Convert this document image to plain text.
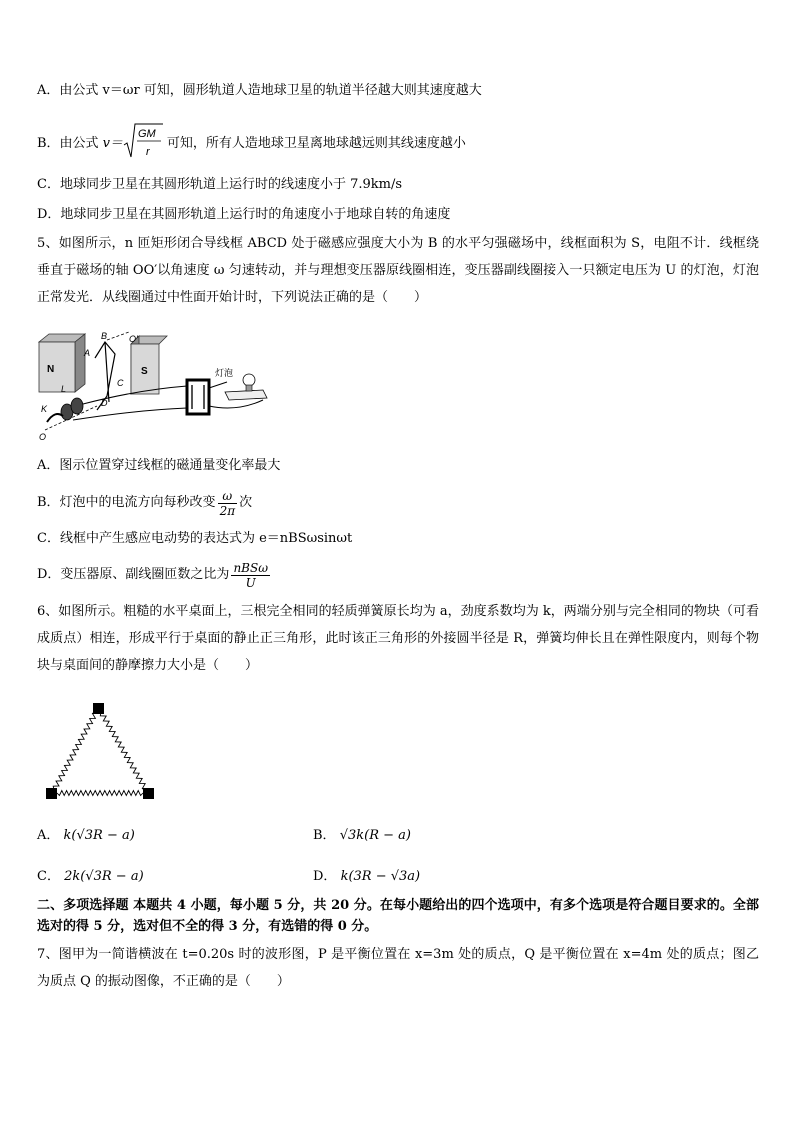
A．由公式 v＝ωr 可知，圆形轨道人造地球卫星的轨道半径越大则其速度越大
B．由公式 v＝
GM
r
可知，所有人造地球卫星离地球越远则其线速度越小
C．地球同步卫星在其圆形轨道上运行时的线速度小于 7.9km/s
D．地球同步卫星在其圆形轨道上运行时的角速度小于地球自转的角速度
5、如图所示，n 匝矩形闭合导线框 ABCD 处于磁感应强度大小为 B 的水平匀强磁场中，线框面积为 S，电阻不计．线框绕垂直于磁场的轴 OO′以角速度 ω 匀速转动，并与理想变压器原线圈相连，变压器副线圈接入一只额定电压为 U 的灯泡，灯泡正常发光．从线圈通过中性面开始计时，下列说法正确的是（　　）
N	S
A
B
C
D
L
K
O
O′
灯泡
A．图示位置穿过线框的磁通量变化率最大
B．灯泡中的电流方向每秒改变 $\frac{\omega}{2\pi}$ 次
C．线框中产生感应电动势的表达式为 e＝nBSωsinωt
D．变压器原、副线圈匝数之比为 $\frac{\text{nBSω}}{U}$
6、如图所示。粗糙的水平桌面上，三根完全相同的轻质弹簧原长均为 a，劲度系数均为 k，两端分别与完全相同的物块（可看成质点）相连，形成平行于桌面的静止正三角形，此时该正三角形的外接圆半径是 R，弹簧均伸长且在弹性限度内，则每个物块与桌面间的静摩擦力大小是（　　）
A． k(√3R − a)	B． √3k(R − a)
C． 2k(√3R − a)	D． k(3R − √3a)
二、多项选择题 本题共 4 小题，每小题 5 分，共 20 分。在每小题给出的四个选项中，有多个选项是符合题目要求的。全部选对的得 5 分，选对但不全的得 3 分，有选错的得 0 分。
7、图甲为一简谐横波在 t=0.20s 时的波形图，P 是平衡位置在 x=3m 处的质点，Q 是平衡位置在 x=4m 处的质点；图乙为质点 Q 的振动图像，不正确的是（　　）
